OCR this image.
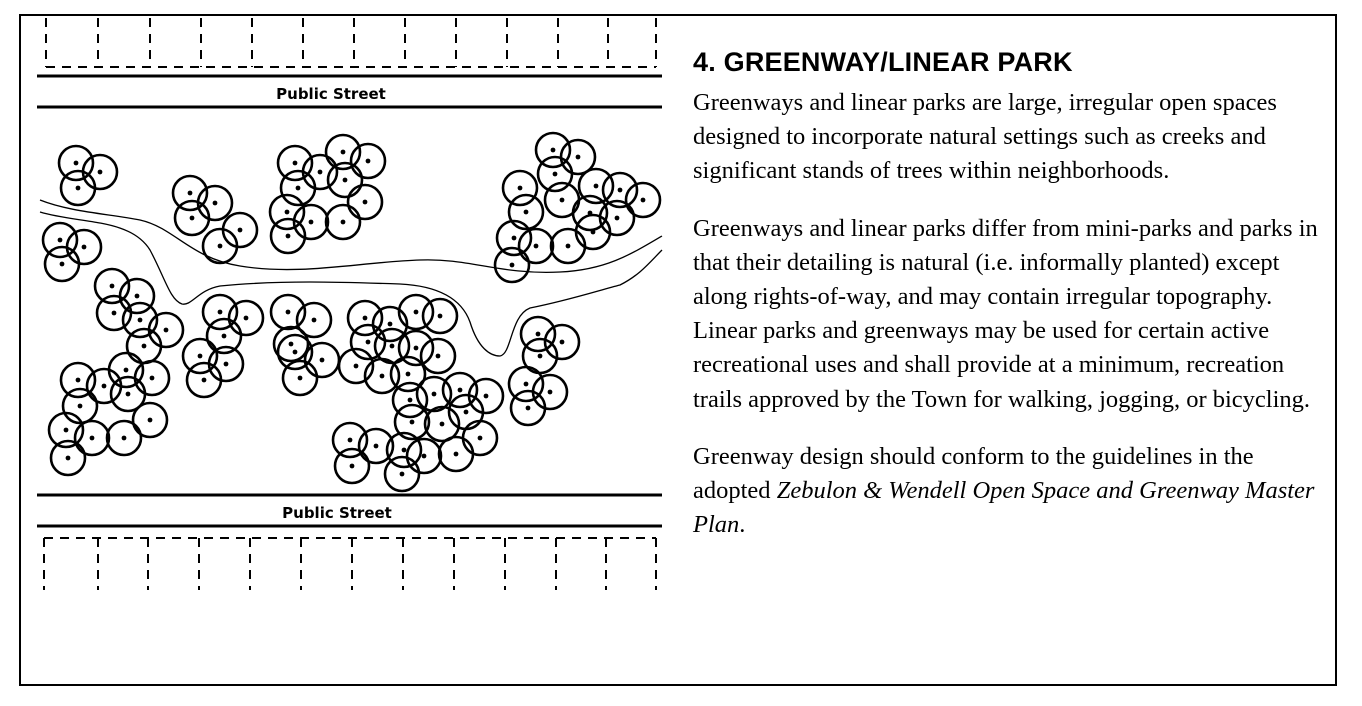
Public Street
Public Street
4. GREENWAY/LINEAR PARK

Greenways and linear parks are large, irregular open spaces designed to incorporate natural settings such as creeks and significant stands of trees within neighborhoods.

Greenways and linear parks differ from mini-parks and parks in that their detailing is natural (i.e. informally planted) except along rights-of-way, and may contain irregular topography. Linear parks and greenways may be used for certain active recreational uses and shall provide at a minimum, recreation trails approved by the Town for walking, jogging, or bicycling.

Greenway design should conform to the guidelines in the adopted Zebulon & Wendell Open Space and Greenway Master Plan.
